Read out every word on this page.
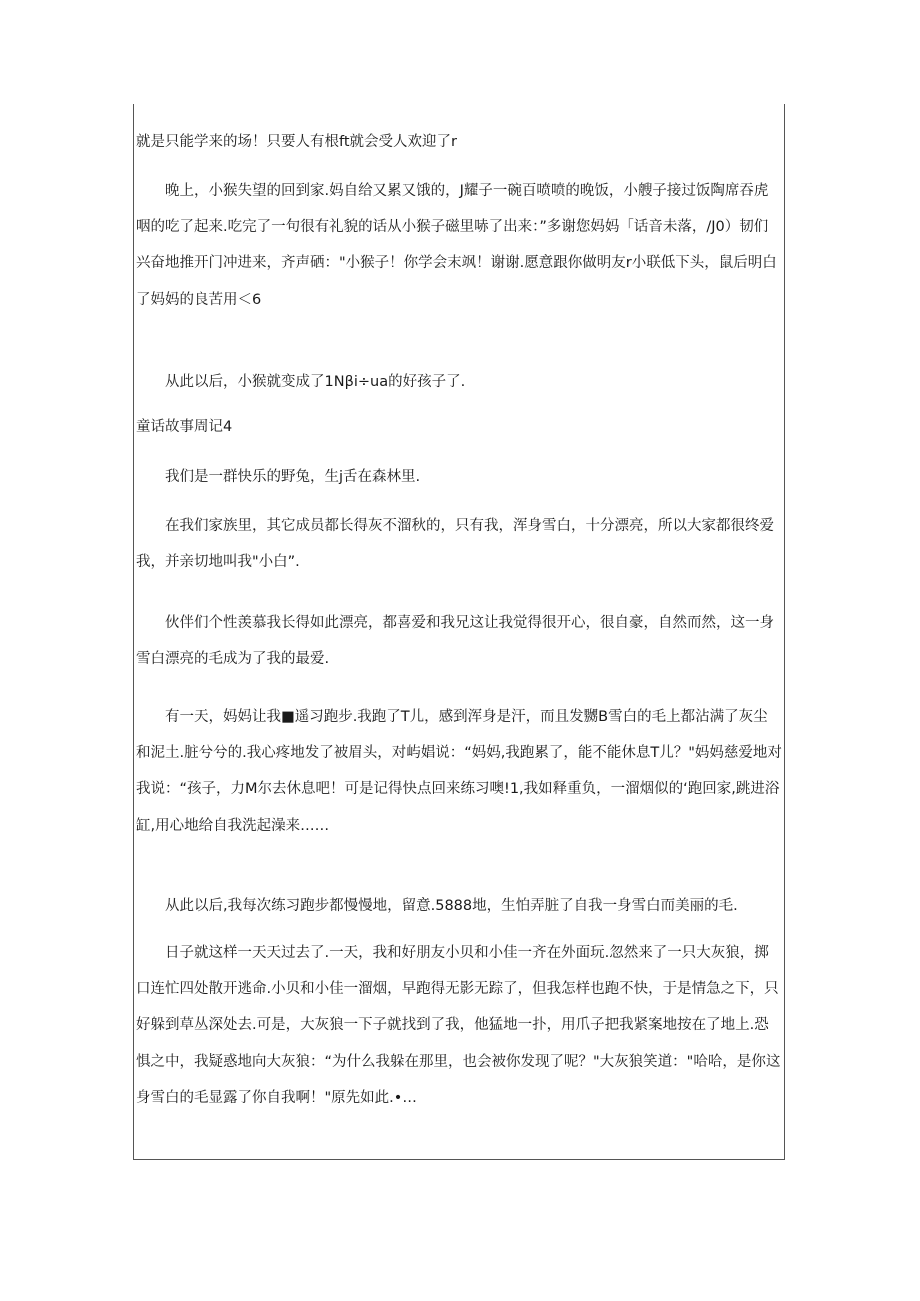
就是只能学来的场！只要人有根ft就会受人欢迎了r

晚上，小猴失望的回到家.妈自给又累又饿的，J耀子一碗百喷喷的晚饭，小艘子接过饭陶席吞虎咽的吃了起来.吃完了一句很有礼貌的话从小猴子磁里哧了出来：”多谢您妈妈「话音未落，/J0）韧们兴奋地推开门冲进来，齐声硒："小猴子！你学会末飒！谢谢.愿意跟你做明友r小联低下头，鼠后明白了妈妈的良苦用＜6

从此以后，小猴就变成了1Nβi÷ua的好孩子了.

童话故事周记4

我们是一群快乐的野兔，生j舌在森林里.

在我们家族里，其它成员都长得灰不溜秋的，只有我，浑身雪白，十分漂亮，所以大家都很终爱我，并亲切地叫我"小白”.

伙伴们个性羡慕我长得如此漂亮，都喜爱和我兄这让我觉得很开心，很自豪，自然而然，这一身雪白漂亮的毛成为了我的最爱.

有一天，妈妈让我■遥习跑步.我跑了T儿，感到浑身是汗，而且发嬲B雪白的毛上都沾满了灰尘和泥土.脏兮兮的.我心疼地发了被眉头，对屿娼说：“妈妈,我跑累了，能不能休息T儿？"妈妈慈爱地对我说：“孩子，力M尔去休息吧！可是记得快点回来练习噢!1,我如释重负，一溜烟似的‘跑回家,跳进浴缸,用心地给自我洗起澡来……

从此以后,我每次练习跑步都慢慢地，留意.5888地，生怕弄脏了自我一身雪白而美丽的毛.

日子就这样一天天过去了.一天，我和好朋友小贝和小佳一齐在外面玩.忽然来了一只大灰狼，掷口连忙四处散开逃命.小贝和小佳一溜烟，早跑得无影无踪了，但我怎样也跑不快，于是情急之下，只好躲到草丛深处去.可是，大灰狼一下子就找到了我，他猛地一扑，用爪子把我紧案地按在了地上.恐惧之中，我疑惑地向大灰狼：“为什么我躲在那里，也会被你发现了呢？"大灰狼笑道："哈哈，是你这身雪白的毛显露了你自我啊！"原先如此.•…
